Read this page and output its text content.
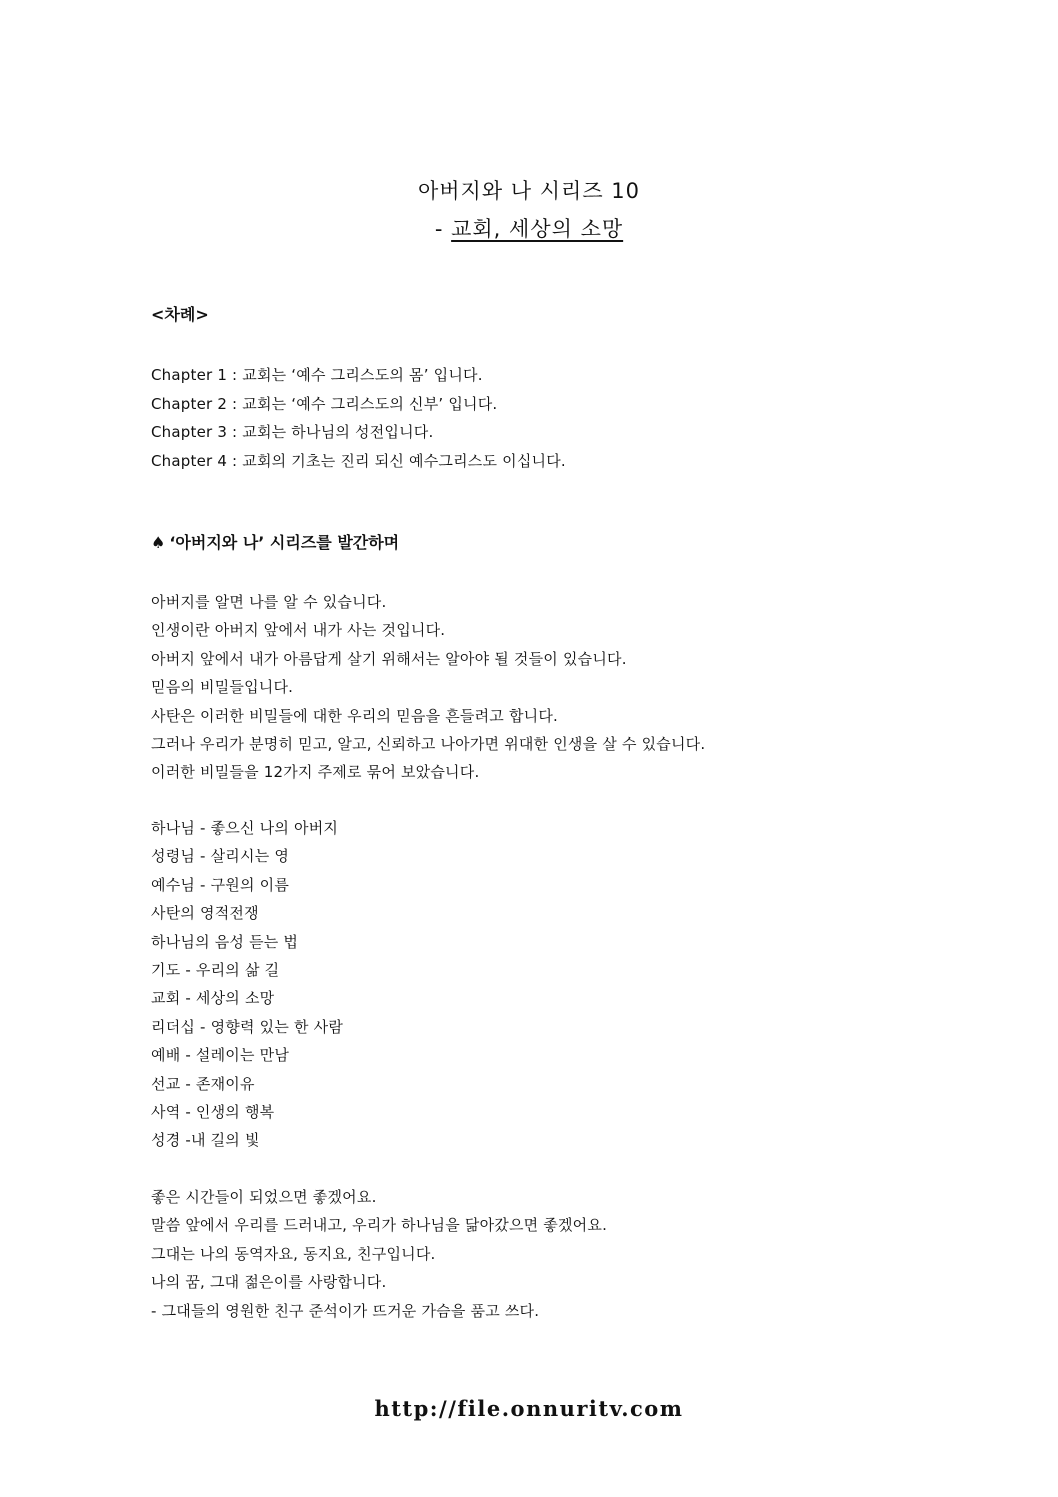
아버지와 나 시리즈 10
- 교회, 세상의 소망
<차례>
Chapter 1 : 교회는 ‘예수 그리스도의 몸’ 입니다.
Chapter 2 : 교회는 ‘예수 그리스도의 신부’ 입니다.
Chapter 3 : 교회는 하나님의 성전입니다.
Chapter 4 : 교회의 기초는 진리 되신 예수그리스도 이십니다.
♠ ‘아버지와 나’ 시리즈를 발간하며
아버지를 알면 나를 알 수 있습니다.
인생이란 아버지 앞에서 내가 사는 것입니다.
아버지 앞에서 내가 아름답게 살기 위해서는 알아야 될 것들이 있습니다.
믿음의 비밀들입니다.
사탄은 이러한 비밀들에 대한 우리의 믿음을 흔들려고 합니다.
그러나 우리가 분명히 믿고, 알고, 신뢰하고 나아가면 위대한 인생을 살 수 있습니다.
이러한 비밀들을 12가지 주제로 묶어 보았습니다.
하나님 - 좋으신 나의 아버지
성령님 - 살리시는 영
예수님 - 구원의 이름
사탄의 영적전쟁
하나님의 음성 듣는 법
기도 - 우리의 삶 길
교회 - 세상의 소망
리더십 - 영향력 있는 한 사람
예배 - 설레이는 만남
선교 - 존재이유
사역 - 인생의 행복
성경 -내 길의 빛
좋은 시간들이 되었으면 좋겠어요.
말씀 앞에서 우리를 드러내고, 우리가 하나님을 닮아갔으면 좋겠어요.
그대는 나의 동역자요, 동지요, 친구입니다.
나의 꿈, 그대 젊은이를 사랑합니다.
- 그대들의 영원한 친구 준석이가 뜨거운 가슴을 품고 쓰다.
http://file.onnuritv.com
